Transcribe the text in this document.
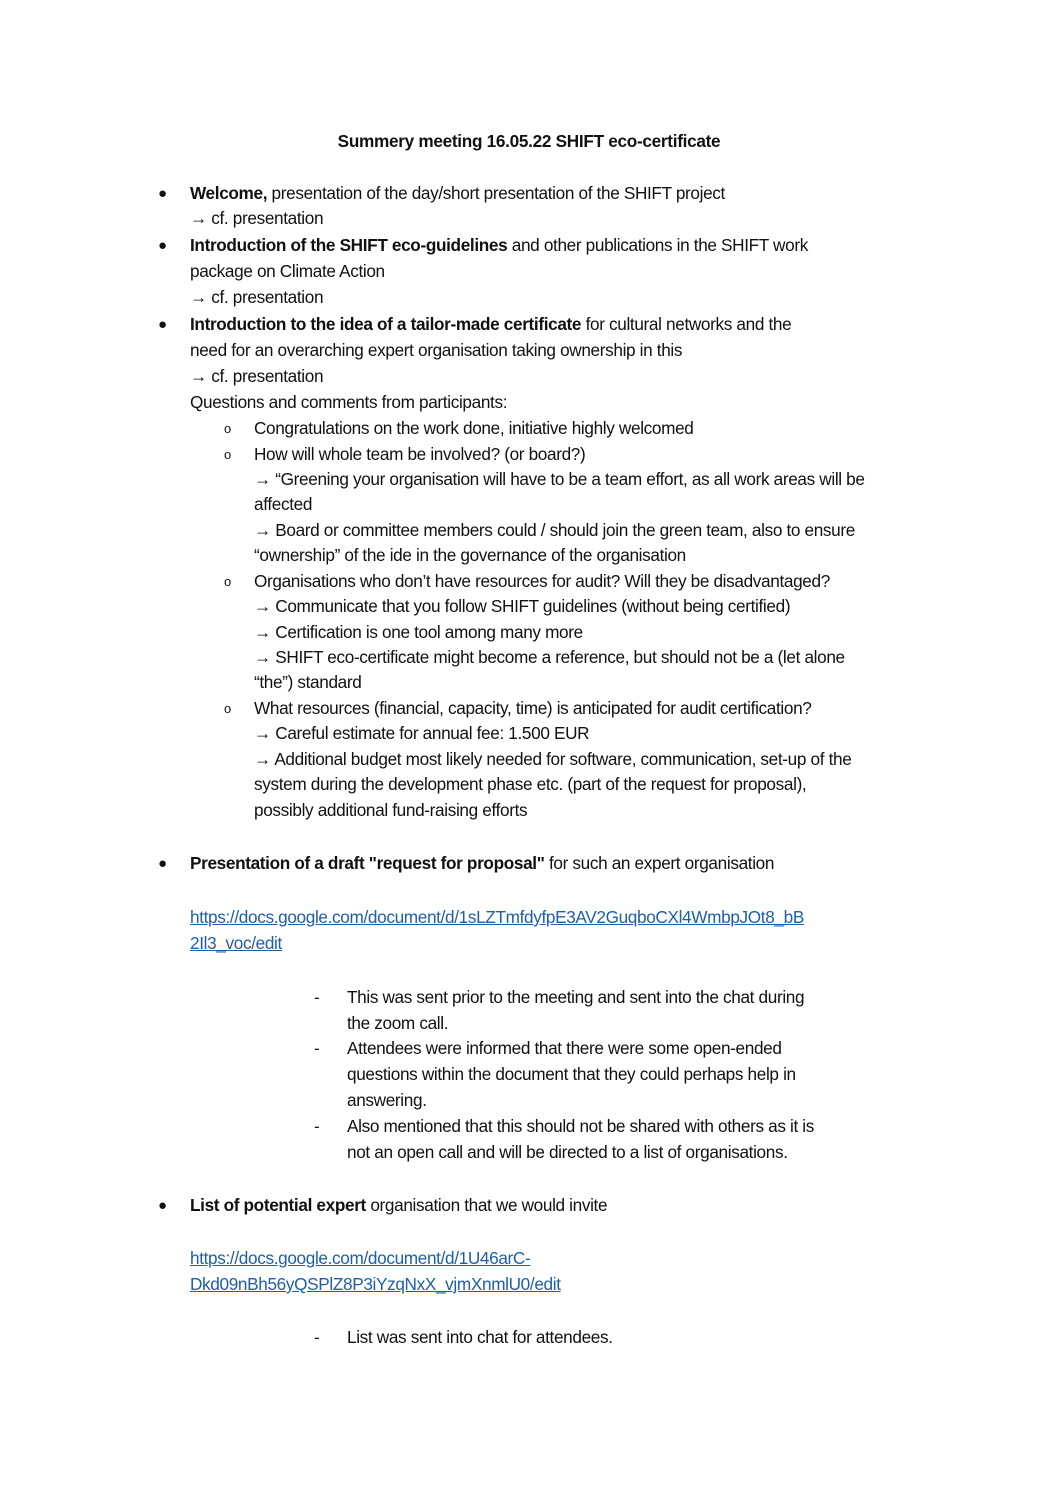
Summery meeting 16.05.22 SHIFT eco-certificate
● Welcome, presentation of the day/short presentation of the SHIFT project
→ cf. presentation
● Introduction of the SHIFT eco-guidelines and other publications in the SHIFT work
package on Climate Action
→ cf. presentation
● Introduction to the idea of a tailor-made certificate for cultural networks and the
need for an overarching expert organisation taking ownership in this
→ cf. presentation
Questions and comments from participants:
o Congratulations on the work done, initiative highly welcomed
o How will whole team be involved? (or board?)
→ “Greening your organisation will have to be a team effort, as all work areas will be
affected
→ Board or committee members could / should join the green team, also to ensure
“ownership” of the ide in the governance of the organisation
o Organisations who don’t have resources for audit? Will they be disadvantaged?
→ Communicate that you follow SHIFT guidelines (without being certified)
→ Certification is one tool among many more
→ SHIFT eco-certificate might become a reference, but should not be a (let alone
“the”) standard
o What resources (financial, capacity, time) is anticipated for audit certification?
→ Careful estimate for annual fee: 1.500 EUR
→ Additional budget most likely needed for software, communication, set-up of the
system during the development phase etc. (part of the request for proposal),
possibly additional fund-raising efforts
● Presentation of a draft "request for proposal" for such an expert organisation
https://docs.google.com/document/d/1sLZTmfdyfpE3AV2GuqboCXl4WmbpJOt8_bB
2Il3_voc/edit
- This was sent prior to the meeting and sent into the chat during
the zoom call.
- Attendees were informed that there were some open-ended
questions within the document that they could perhaps help in
answering.
- Also mentioned that this should not be shared with others as it is
not an open call and will be directed to a list of organisations.
● List of potential expert organisation that we would invite
https://docs.google.com/document/d/1U46arC-
Dkd09nBh56yQSPlZ8P3iYzqNxX_vjmXnmlU0/edit
- List was sent into chat for attendees.
